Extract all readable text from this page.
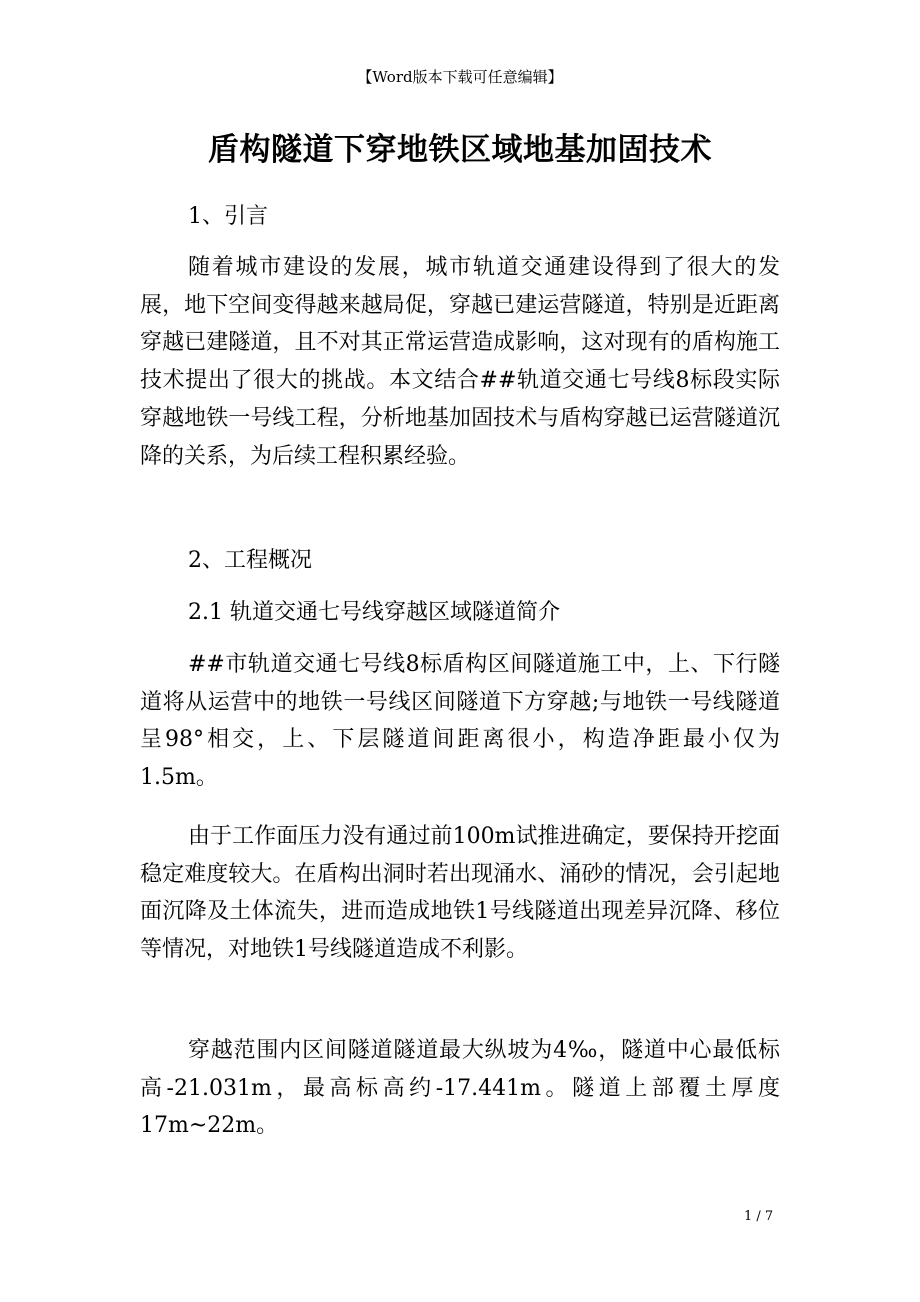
【Word版本下载可任意编辑】
盾构隧道下穿地铁区域地基加固技术
1、引言

随着城市建设的发展，城市轨道交通建设得到了很大的发展，地下空间变得越来越局促，穿越已建运营隧道，特别是近距离穿越已建隧道，且不对其正常运营造成影响，这对现有的盾构施工技术提出了很大的挑战。本文结合##轨道交通七号线8标段实际穿越地铁一号线工程，分析地基加固技术与盾构穿越已运营隧道沉降的关系，为后续工程积累经验。

2、工程概况
2.1 轨道交通七号线穿越区域隧道简介

##市轨道交通七号线8标盾构区间隧道施工中，上、下行隧道将从运营中的地铁一号线区间隧道下方穿越;与地铁一号线隧道呈98°相交，上、下层隧道间距离很小，构造净距最小仅为1.5m。

由于工作面压力没有通过前100m试推进确定，要保持开挖面稳定难度较大。在盾构出洞时若出现涌水、涌砂的情况，会引起地面沉降及土体流失，进而造成地铁1号线隧道出现差异沉降、移位等情况，对地铁1号线隧道造成不利影。

穿越范围内区间隧道隧道最大纵坡为4‰，隧道中心最低标高-21.031m，最高标高约-17.441m。隧道上部覆土厚度17m~22m。

1 / 7
